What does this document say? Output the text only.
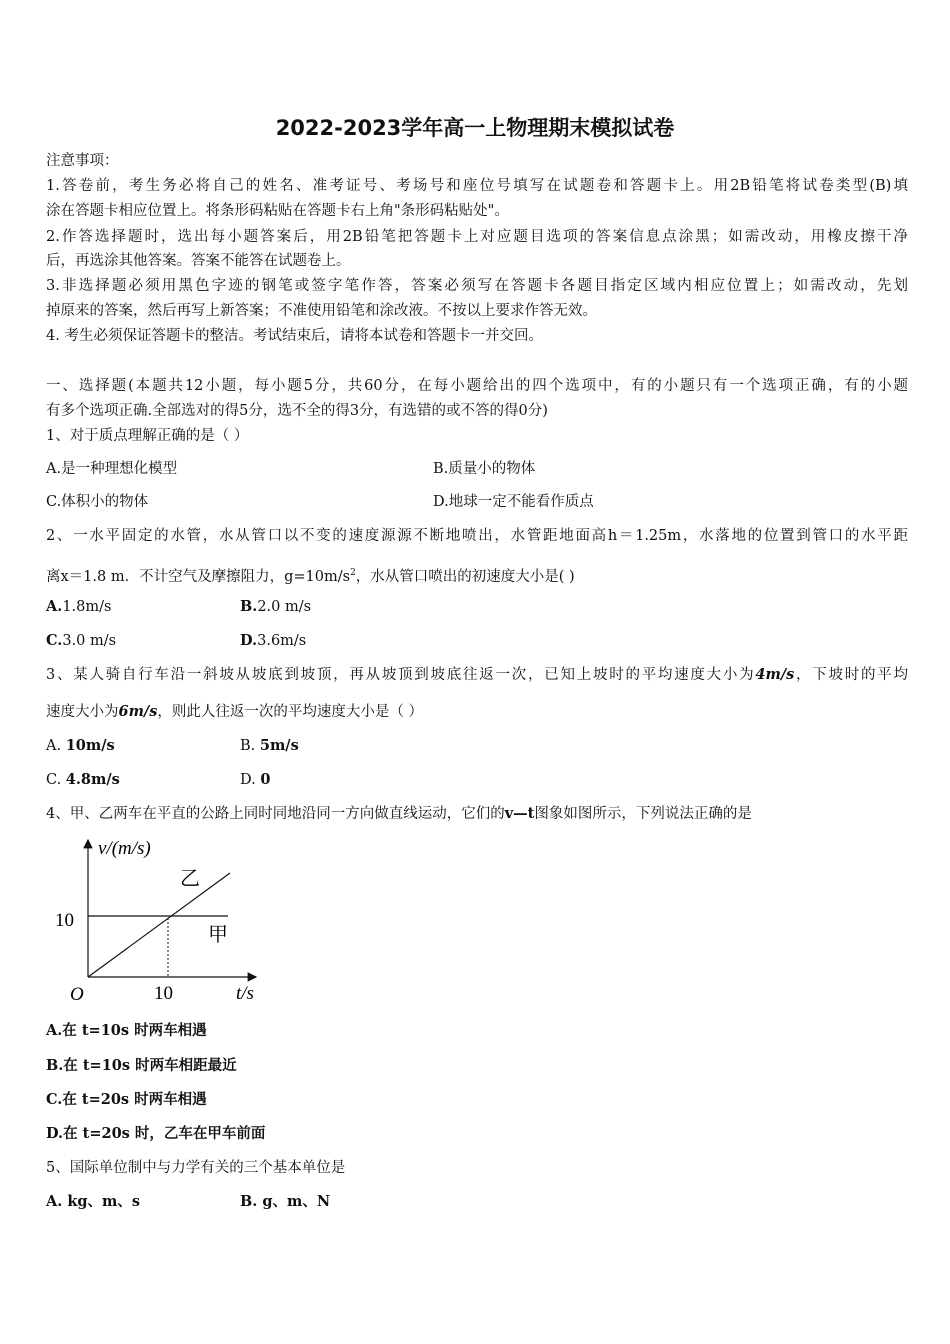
2022-2023学年高一上物理期末模拟试卷
注意事项：
1.答卷前，考生务必将自己的姓名、准考证号、考场号和座位号填写在试题卷和答题卡上。用2B铅笔将试卷类型(B)填
涂在答题卡相应位置上。将条形码粘贴在答题卡右上角"条形码粘贴处"。
2.作答选择题时，选出每小题答案后，用2B铅笔把答题卡上对应题目选项的答案信息点涂黑；如需改动，用橡皮擦干净
后，再选涂其他答案。答案不能答在试题卷上。
3.非选择题必须用黑色字迹的钢笔或签字笔作答，答案必须写在答题卡各题目指定区域内相应位置上；如需改动，先划
掉原来的答案，然后再写上新答案；不准使用铅笔和涂改液。不按以上要求作答无效。
4. 考生必须保证答题卡的整洁。考试结束后，请将本试卷和答题卡一并交回。
一、选择题(本题共12小题，每小题5分，共60分，在每小题给出的四个选项中，有的小题只有一个选项正确，有的小题
有多个选项正确.全部选对的得5分，选不全的得3分，有选错的或不答的得0分)
1、对于质点理解正确的是（ ）
A.是一种理想化模型	B.质量小的物体
C.体积小的物体	D.地球一定不能看作质点
2、一水平固定的水管，水从管口以不变的速度源源不断地喷出，水管距地面高h＝1.25m，水落地的位置到管口的水平距
离x＝1.8 m．不计空气及摩擦阻力，$g=10m/s^2$，水从管口喷出的初速度大小是( )
A.1.8m/s	B.2.0 m/s
C.3.0 m/s	D.3.6m/s
3、某人骑自行车沿一斜坡从坡底到坡顶，再从坡顶到坡底往返一次，已知上坡时的平均速度大小为4m/s，下坡时的平均
速度大小为6m/s，则此人往返一次的平均速度大小是（ ）
A. 10m/s	B. 5m/s
C. 4.8m/s	D. 0
4、甲、乙两车在平直的公路上同时同地沿同一方向做直线运动，它们的v—t图象如图所示，下列说法正确的是
v/(m/s)
t/s
O
10
10
乙
甲
A.在 t=10s 时两车相遇
B.在 t=10s 时两车相距最近
C.在 t=20s 时两车相遇
D.在 t=20s 时，乙车在甲车前面
5、国际单位制中与力学有关的三个基本单位是
A. kg、m、s	B. g、m、N
